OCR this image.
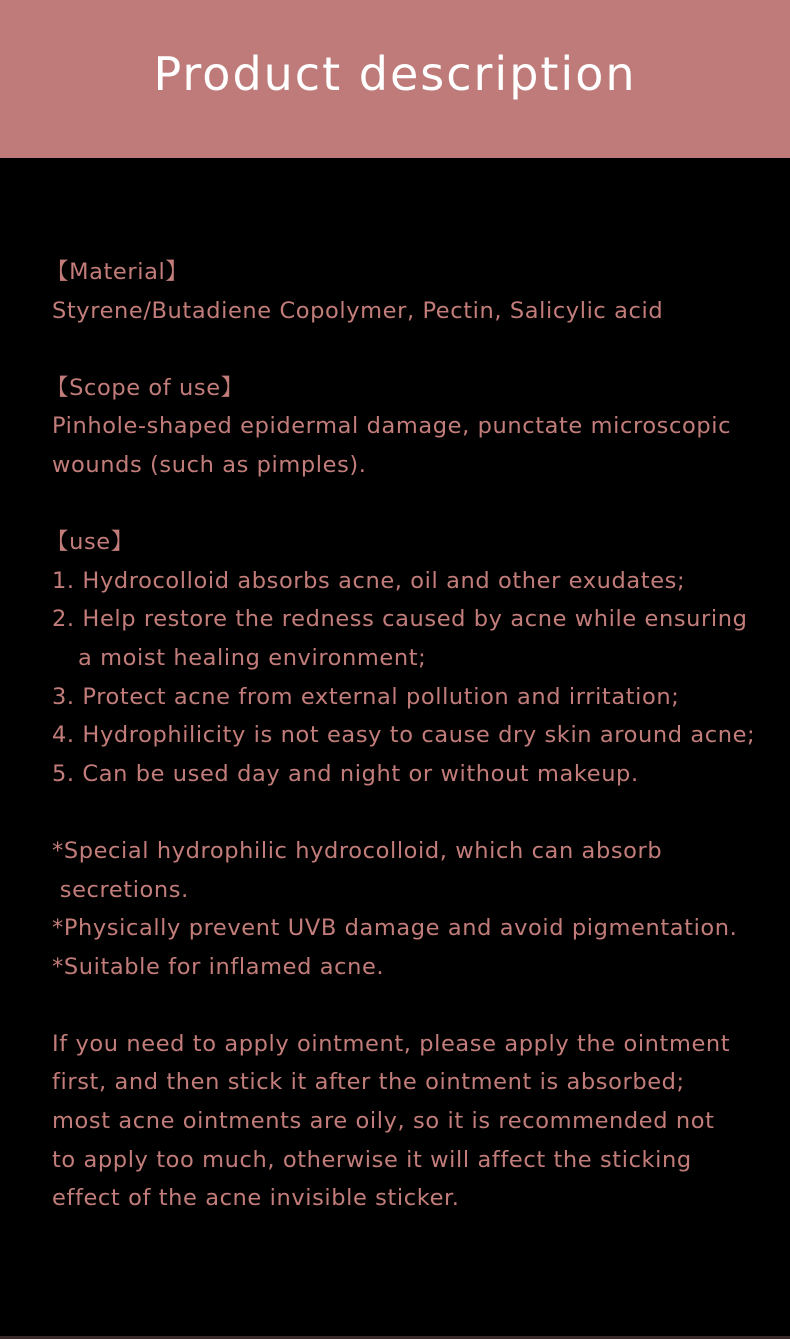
Product description
【Material】
Styrene/Butadiene Copolymer, Pectin, Salicylic acid
【Scope of use】
Pinhole-shaped epidermal damage, punctate microscopic
wounds (such as pimples).
【use】
1. Hydrocolloid absorbs acne, oil and other exudates;
2. Help restore the redness caused by acne while ensuring
a moist healing environment;
3. Protect acne from external pollution and irritation;
4. Hydrophilicity is not easy to cause dry skin around acne;
5. Can be used day and night or without makeup.
*Special hydrophilic hydrocolloid, which can absorb
secretions.
*Physically prevent UVB damage and avoid pigmentation.
*Suitable for inflamed acne.
If you need to apply ointment, please apply the ointment
first, and then stick it after the ointment is absorbed;
most acne ointments are oily, so it is recommended not
to apply too much, otherwise it will affect the sticking
effect of the acne invisible sticker.
